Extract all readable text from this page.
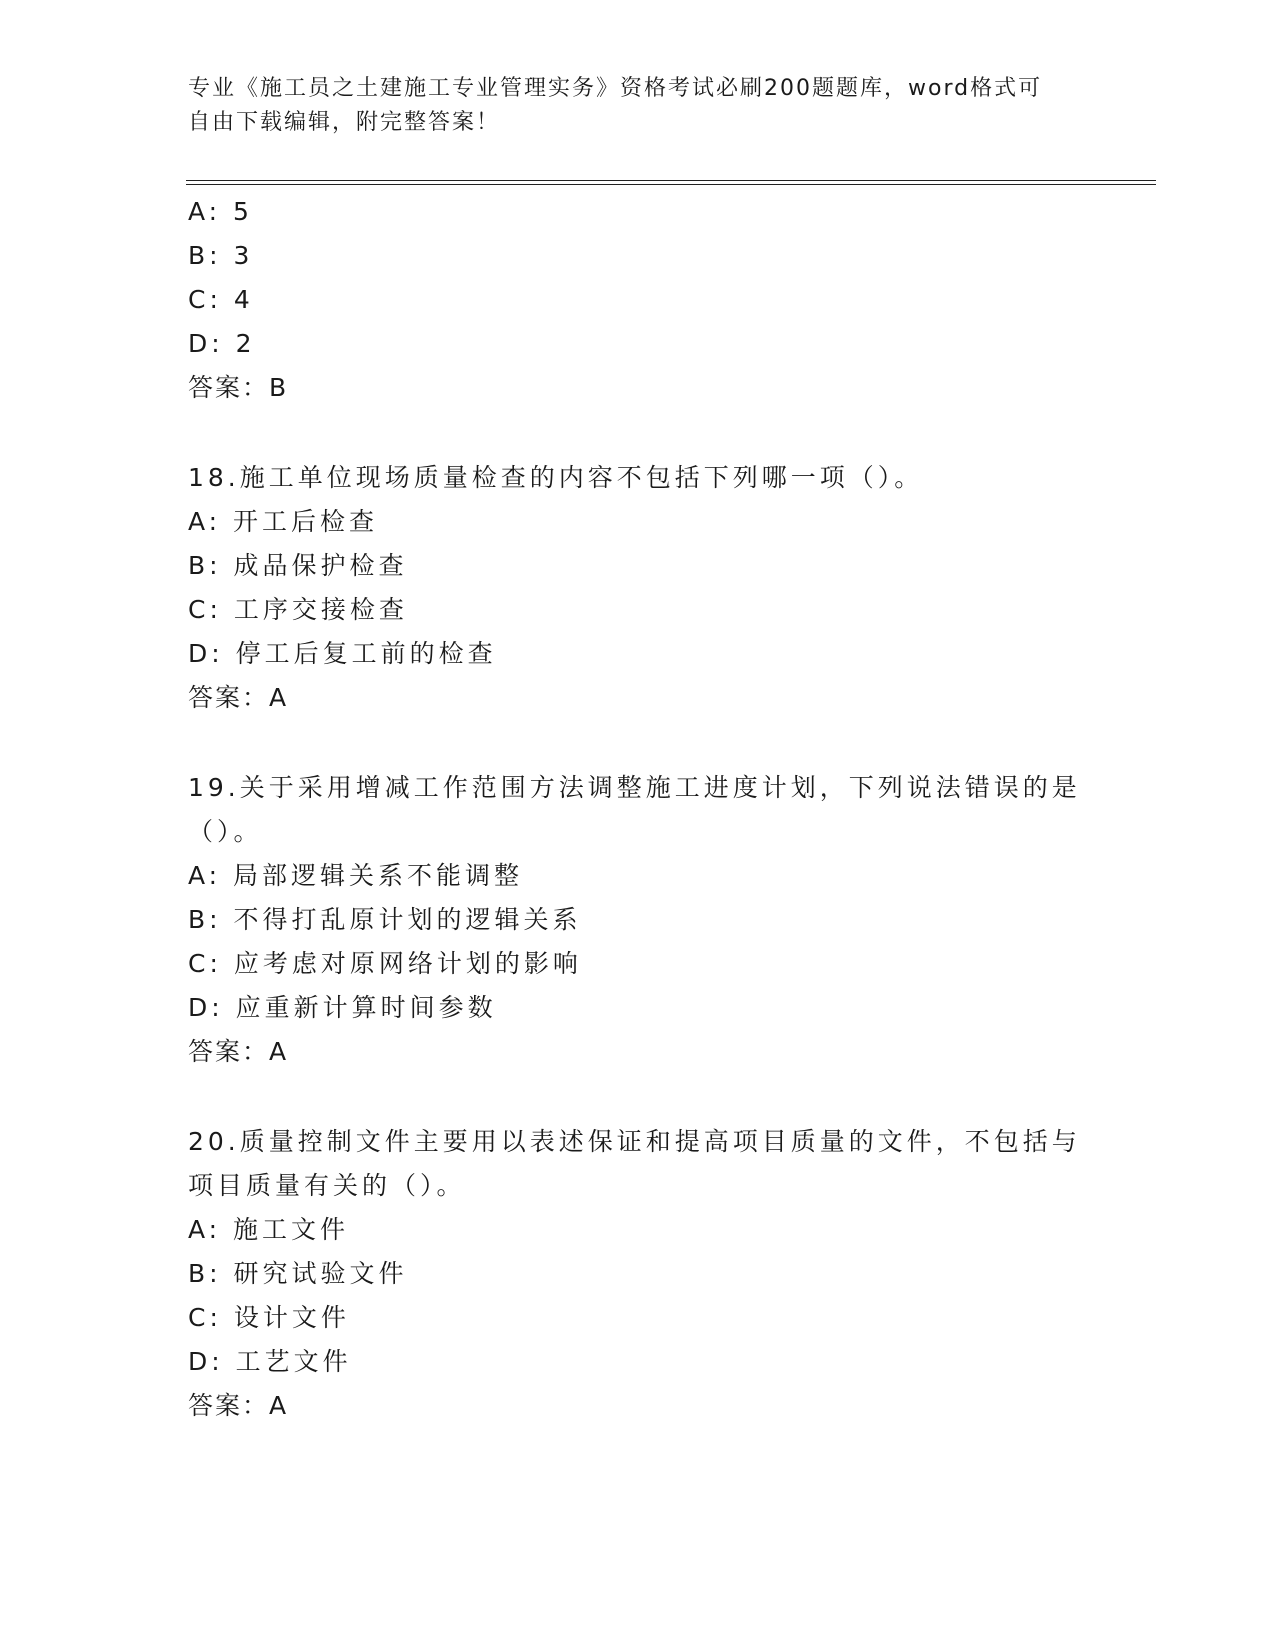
专业《施工员之土建施工专业管理实务》资格考试必刷200题题库，word格式可
自由下载编辑，附完整答案！
A: 5
B: 3
C: 4
D: 2
答案：B
18.施工单位现场质量检查的内容不包括下列哪一项（）。
A: 开工后检查
B: 成品保护检查
C: 工序交接检查
D: 停工后复工前的检查
答案：A
19.关于采用增减工作范围方法调整施工进度计划，下列说法错误的是
（）。
A: 局部逻辑关系不能调整
B: 不得打乱原计划的逻辑关系
C: 应考虑对原网络计划的影响
D: 应重新计算时间参数
答案：A
20.质量控制文件主要用以表述保证和提高项目质量的文件，不包括与
项目质量有关的（）。
A: 施工文件
B: 研究试验文件
C: 设计文件
D: 工艺文件
答案：A
